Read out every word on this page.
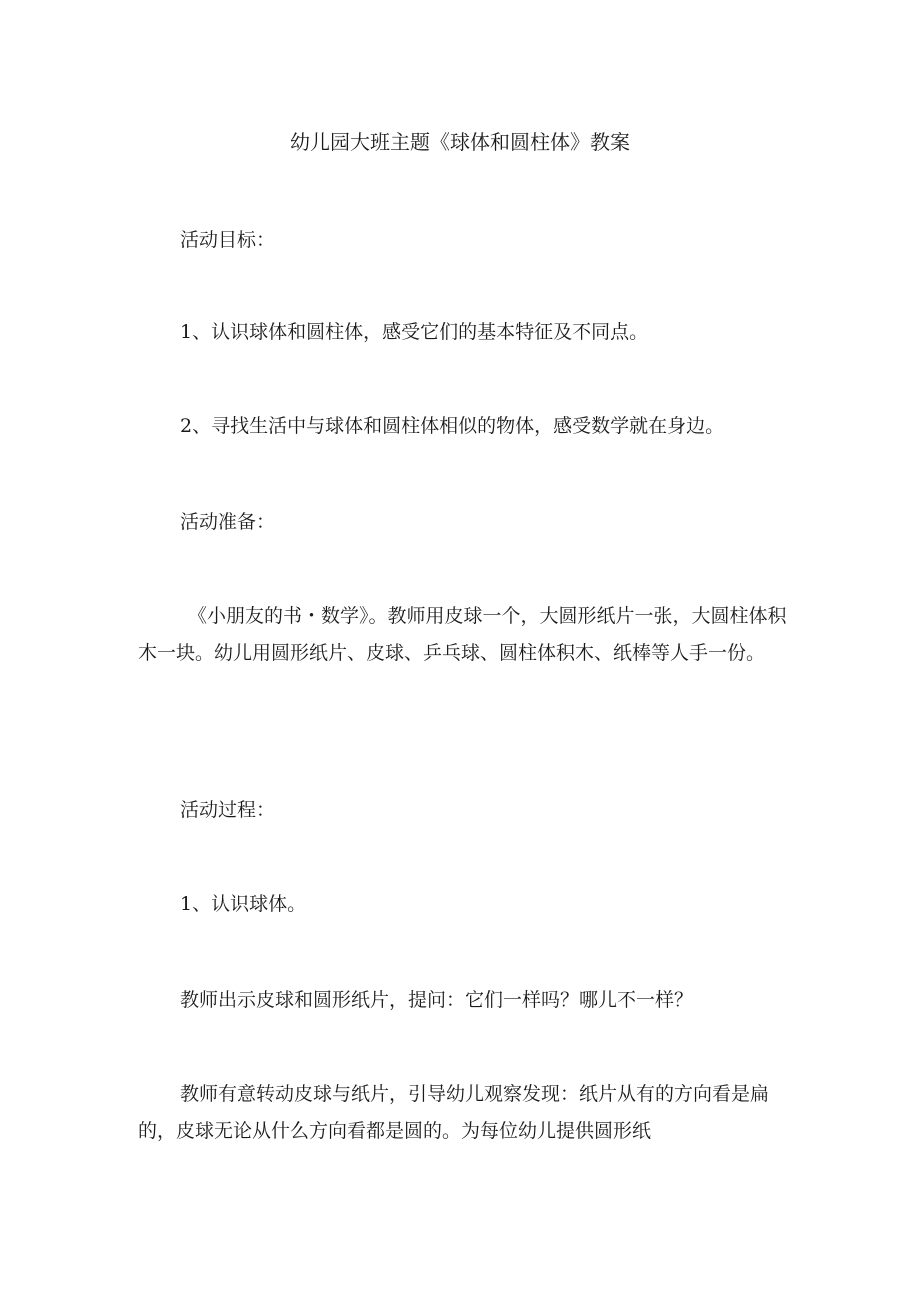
幼儿园大班主题《球体和圆柱体》教案

活动目标：

1、认识球体和圆柱体，感受它们的基本特征及不同点。

2、寻找生活中与球体和圆柱体相似的物体，感受数学就在身边。

活动准备：

《小朋友的书・数学》。教师用皮球一个，大圆形纸片一张，大圆柱体积木一块。幼儿用圆形纸片、皮球、乒乓球、圆柱体积木、纸棒等人手一份。

活动过程：

1、认识球体。

教师出示皮球和圆形纸片，提问：它们一样吗？哪儿不一样？

教师有意转动皮球与纸片，引导幼儿观察发现：纸片从有的方向看是扁的，皮球无论从什么方向看都是圆的。为每位幼儿提供圆形纸
